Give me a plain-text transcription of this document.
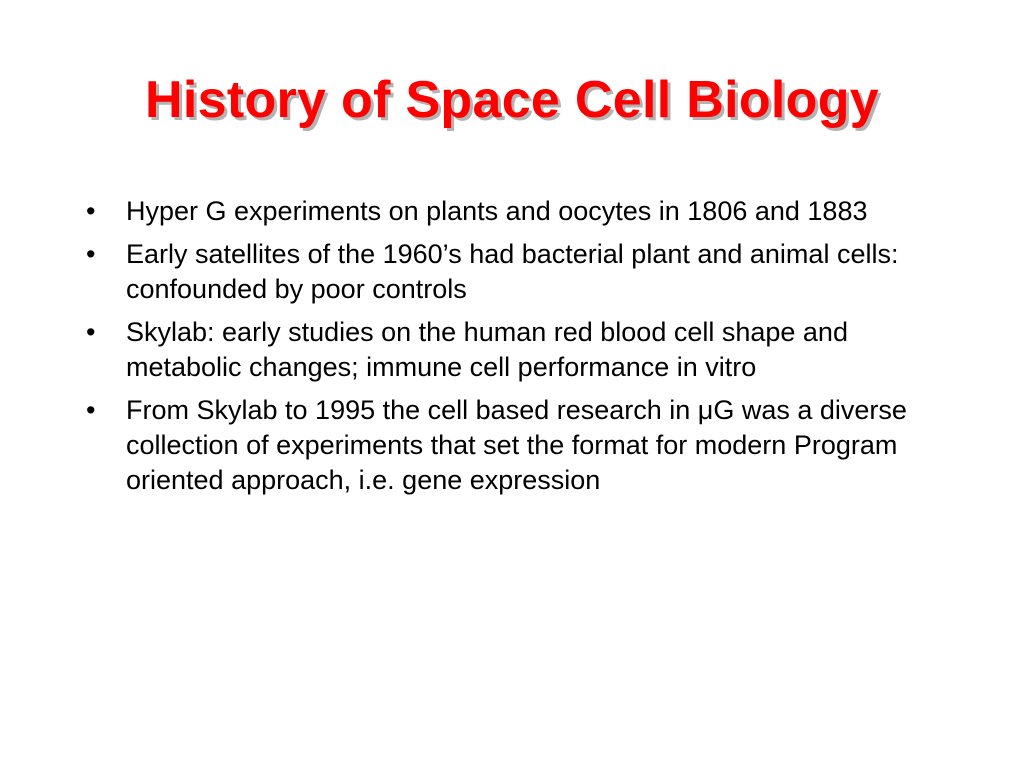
History of Space Cell Biology
•	Hyper G experiments on plants and oocytes in 1806 and 1883
•	Early satellites of the 1960’s had bacterial plant and animal cells: confounded by poor controls
•	Skylab: early studies on the human red blood cell shape and metabolic changes; immune cell performance in vitro
•	From Skylab to 1995 the cell based research in μG was a diverse collection of experiments that set the format for modern Program oriented approach, i.e. gene expression
